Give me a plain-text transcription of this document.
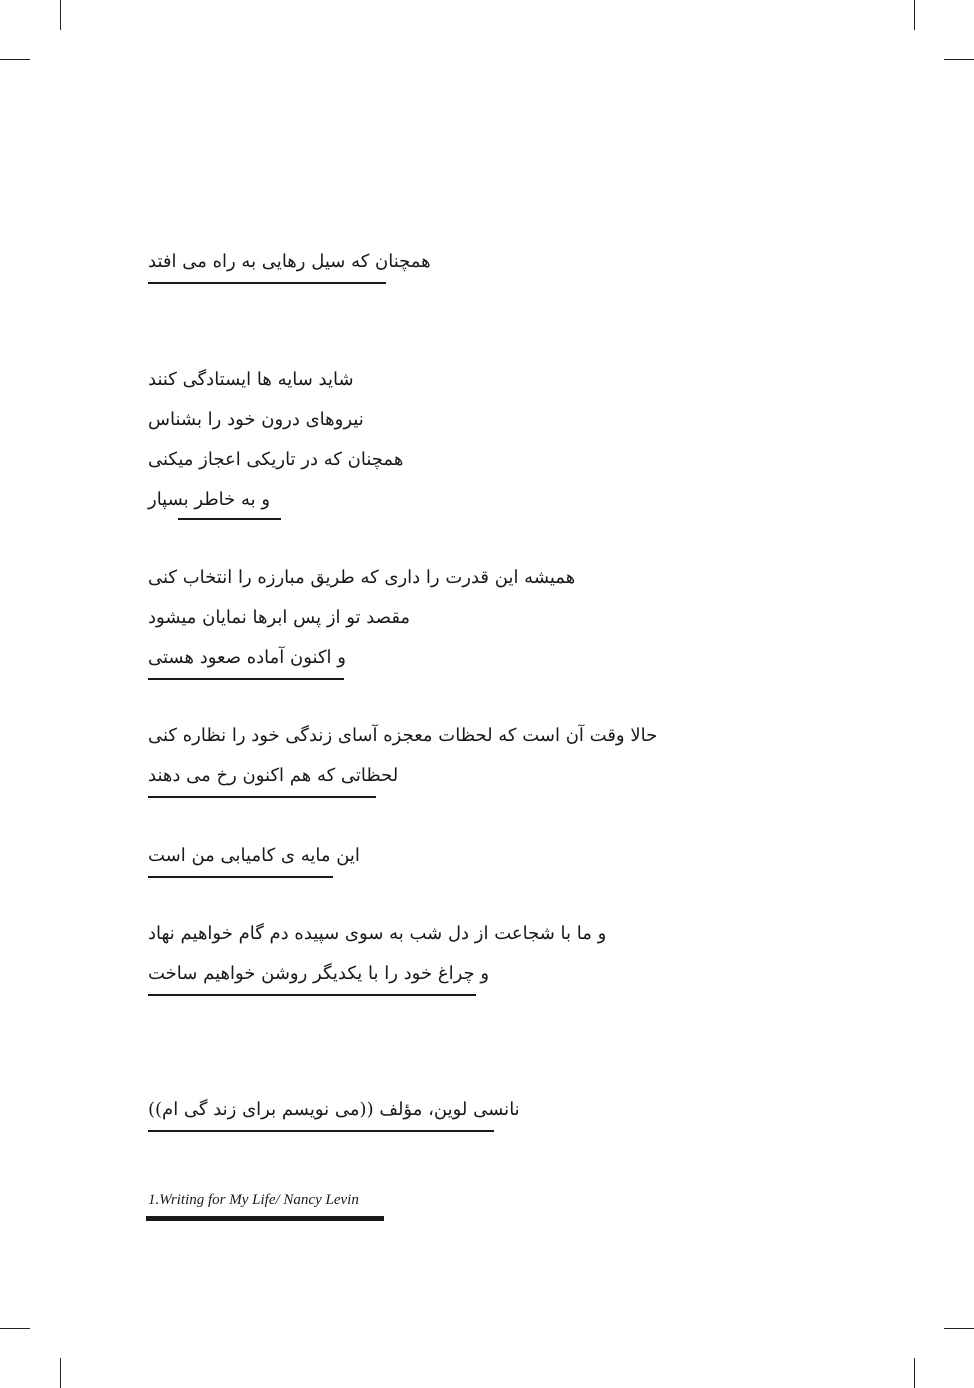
همچنان که سیل رهایی به راه می افتد
شاید سایه ها ایستادگی کنند
نیروهای درون خود را بشناس
همچنان که در تاریکی اعجاز میکنی
و به خاطر بسپار
همیشه این قدرت را داری که طریق مبارزه را انتخاب کنی
مقصد تو از پس ابرها نمایان میشود
و اکنون آماده صعود هستی
حالا وقت آن است که لحظات معجزه آسای زندگی خود را نظاره کنی
لحظاتی که هم اکنون رخ می دهند
این مایه ی کامیابی من است
و ما با شجاعت از دل شب به سوی سپیده دم گام خواهیم نهاد
و چراغ خود را با یکدیگر روشن خواهیم ساخت
نانسی لوین، مؤلف ((می نویسم برای زند گی ام))
1.Writing for My Life/ Nancy Levin
